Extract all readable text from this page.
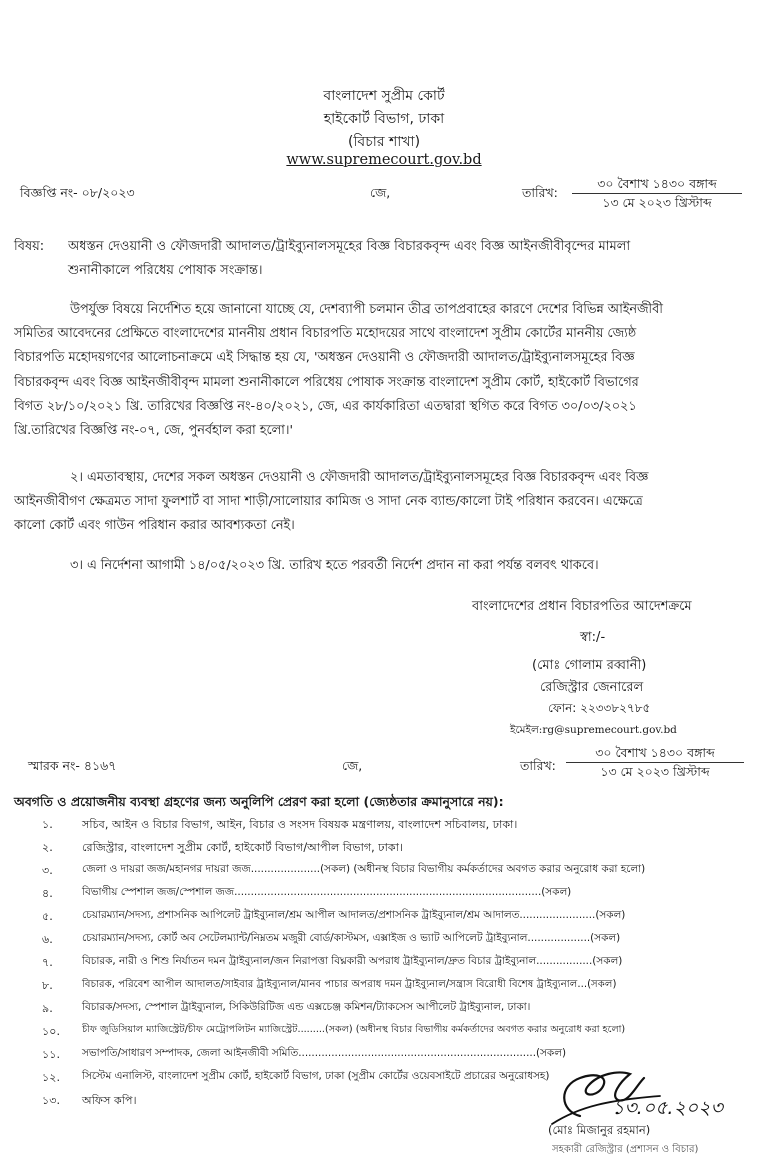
বাংলাদেশ সুপ্রীম কোর্ট
হাইকোর্ট বিভাগ, ঢাকা
(বিচার শাখা)
www.supremecourt.gov.bd
বিজ্ঞপ্তি নং- ০৮/২০২৩	জে,	তারিখ:
৩০ বৈশাখ ১৪৩০ বঙ্গাব্দ
১৩ মে ২০২৩ খ্রিস্টাব্দ
বিষয়: অধস্তন দেওয়ানী ও ফৌজদারী আদালত/ট্রাইব্যুনালসমূহের বিজ্ঞ বিচারকবৃন্দ এবং বিজ্ঞ আইনজীবীবৃন্দের মামলা
শুনানীকালে পরিধেয় পোষাক সংক্রান্ত।
উপর্যুক্ত বিষয়ে নির্দেশিত হয়ে জানানো যাচ্ছে যে, দেশব্যাপী চলমান তীব্র তাপপ্রবাহের কারণে দেশের বিভিন্ন আইনজীবী
সমিতির আবেদনের প্রেক্ষিতে বাংলাদেশের মাননীয় প্রধান বিচারপতি মহোদয়ের সাথে বাংলাদেশ সুপ্রীম কোর্টের মাননীয় জ্যেষ্ঠ
বিচারপতি মহোদয়গণের আলোচনাক্রমে এই সিদ্ধান্ত হয় যে, 'অধস্তন দেওয়ানী ও ফৌজদারী আদালত/ট্রাইব্যুনালসমূহের বিজ্ঞ
বিচারকবৃন্দ এবং বিজ্ঞ আইনজীবীবৃন্দ মামলা শুনানীকালে পরিধেয় পোষাক সংক্রান্ত বাংলাদেশ সুপ্রীম কোর্ট, হাইকোর্ট বিভাগের
বিগত ২৮/১০/২০২১ খ্রি. তারিখের বিজ্ঞপ্তি নং-৪০/২০২১, জে, এর কার্যকারিতা এতদ্বারা স্থগিত করে বিগত ৩০/০৩/২০২১
খ্রি.তারিখের বিজ্ঞপ্তি নং-০৭, জে, পুনর্বহাল করা হলো।'
২। এমতাবস্থায়, দেশের সকল অধস্তন দেওয়ানী ও ফৌজদারী আদালত/ট্রাইব্যুনালসমূহের বিজ্ঞ বিচারকবৃন্দ এবং বিজ্ঞ
আইনজীবীগণ ক্ষেত্রমত সাদা ফুলশার্ট বা সাদা শাড়ী/সালোয়ার কামিজ ও সাদা নেক ব্যান্ড/কালো টাই পরিধান করবেন। এক্ষেত্রে
কালো কোর্ট এবং গাউন পরিধান করার আবশ্যকতা নেই।
৩। এ নির্দেশনা আগামী ১৪/০৫/২০২৩ খ্রি. তারিখ হতে পরবর্তী নির্দেশ প্রদান না করা পর্যন্ত বলবৎ থাকবে।
বাংলাদেশের প্রধান বিচারপতির আদেশক্রমে
স্বা:/-
(মোঃ গোলাম রব্বানী)
রেজিস্ট্রার জেনারেল
ফোন: ২২৩৩৮২৭৮৫
ইমেইল:rg@supremecourt.gov.bd
স্মারক নং- ৪১৬৭	জে,	তারিখ:
৩০ বৈশাখ ১৪৩০ বঙ্গাব্দ
১৩ মে ২০২৩ খ্রিস্টাব্দ
অবগতি ও প্রয়োজনীয় ব্যবস্থা গ্রহণের জন্য অনুলিপি প্রেরণ করা হলো (জ্যেষ্ঠতার ক্রমানুসারে নয়):
১.	সচিব, আইন ও বিচার বিভাগ, আইন, বিচার ও সংসদ বিষয়ক মন্ত্রণালয়, বাংলাদেশ সচিবালয়, ঢাকা।
২.	রেজিস্ট্রার, বাংলাদেশ সুপ্রীম কোর্ট, হাইকোর্ট বিভাগ/আপীল বিভাগ, ঢাকা।
৩.	জেলা ও দায়রা জজ/মহানগর দায়রা জজ.....................(সকল) (অধীনস্থ বিচার বিভাগীয় কর্মকর্তাদের অবগত করার অনুরোধ করা হলো)
৪.	বিভাগীয় স্পেশাল জজ/স্পেশাল জজ.............................................................................................(সকল)
৫.	চেয়ারম্যান/সদস্য, প্রশাসনিক আপিলেট ট্রাইব্যুনাল/শ্রম আপীল আদালত/প্রশাসনিক ট্রাইব্যুনাল/শ্রম আদালত.......................(সকল)
৬.	চেয়ারম্যান/সদস্য, কোর্ট অব সেটেলম্যান্ট/নিম্নতম মজুরী বোর্ড/কাস্টমস, এক্সাইজ ও ভ্যাট আপিলেট ট্রাইব্যুনাল...................(সকল)
৭.	বিচারক, নারী ও শিশু নির্যাতন দমন ট্রাইব্যুনাল/জন নিরাপত্তা বিঘ্নকারী অপরাধ ট্রাইব্যুনাল/দ্রুত বিচার ট্রাইব্যুনাল.................(সকল)
৮.	বিচারক, পরিবেশ আপীল আদালত/সাইবার ট্রাইব্যুনাল/মানব পাচার অপরাধ দমন ট্রাইব্যুনাল/সন্ত্রাস বিরোধী বিশেষ ট্রাইব্যুনাল...(সকল)
৯.	বিচারক/সদস্য, স্পেশাল ট্রাইব্যুনাল, সিকিউরিটিজ এন্ড এক্সচেঞ্জ কমিশন/ট্যাকসেস আপীলেট ট্রাইব্যুনাল, ঢাকা।
১০. চীফ জুডিসিয়াল ম্যাজিস্ট্রেট/চীফ মেট্রোপলিটন ম্যাজিস্ট্রেট.........(সকল) (অধীনস্থ বিচার বিভাগীয় কর্মকর্তাদের অবগত করার অনুরোধ করা হলো)
১১. সভাপতি/সাধারণ সম্পাদক, জেলা আইনজীবী সমিতি........................................................................(সকল)
১২. সিস্টেম এনালিস্ট, বাংলাদেশ সুপ্রীম কোর্ট, হাইকোর্ট বিভাগ, ঢাকা (সুপ্রীম কোর্টের ওয়েবসাইটে প্রচারের অনুরোধসহ)
১৩. অফিস কপি।	১৩.০৫.২০২৩
(মোঃ মিজানুর রহমান)
সহকারী রেজিস্ট্রার (প্রশাসন ও বিচার)
